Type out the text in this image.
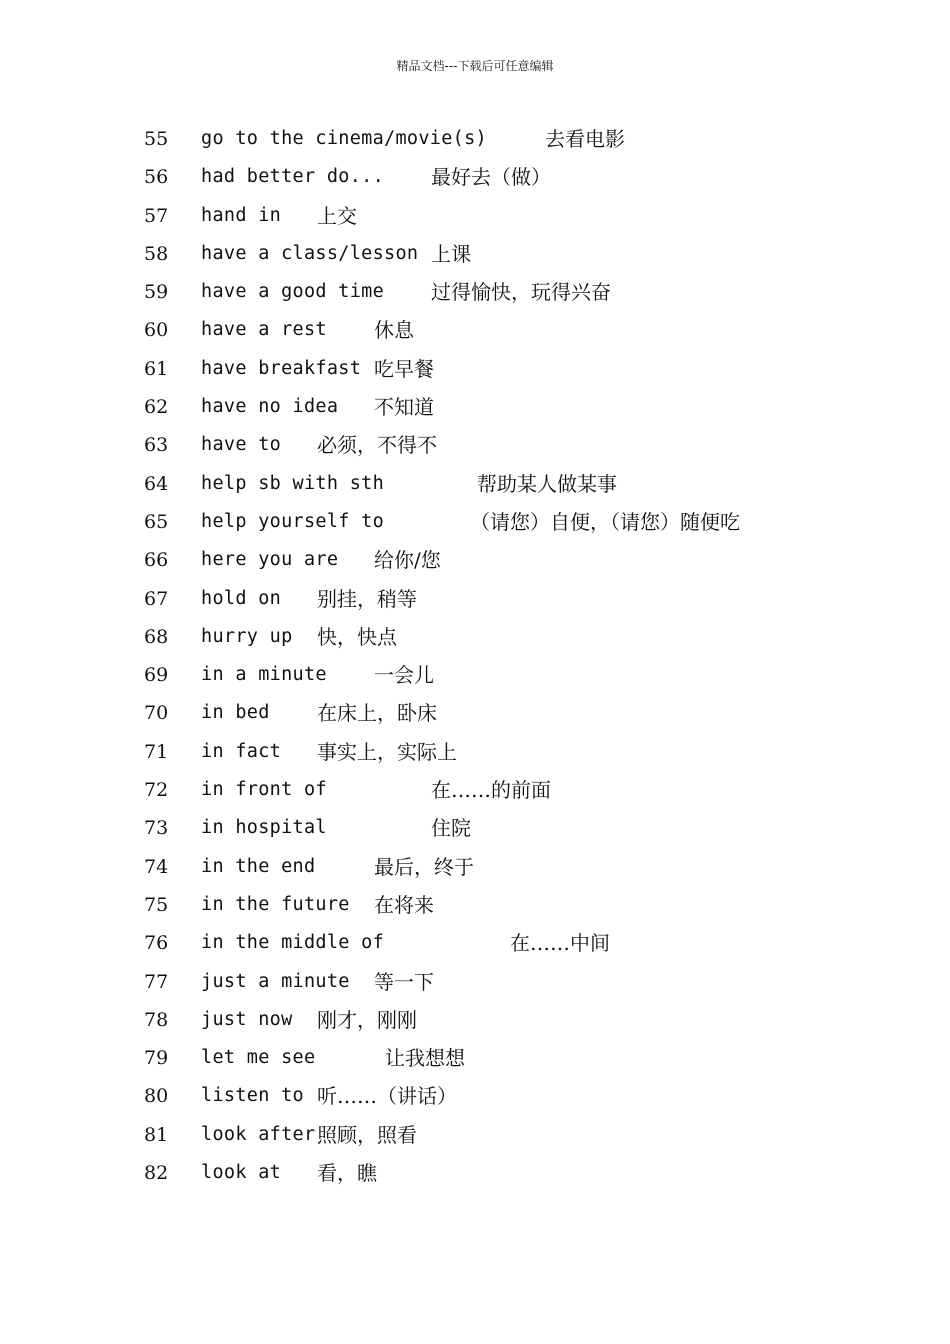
精品文档---下载后可任意编辑
55 go to the cinema/movie(s)	去看电影
56 had better do... 最好去（做）
57 hand in 上交
58 have a class/lesson 上课
59 have a good time 过得愉快，玩得兴奋
60 have a rest 休息
61 have breakfast 吃早餐
62 have no idea 不知道
63 have to 必须，不得不
64 help sb with sth	帮助某人做某事
65 help yourself to	（请您）自便，（请您）随便吃
66 here you are 给你/您
67 hold on 别挂，稍等
68 hurry up 快，快点
69 in a minute 一会儿
70 in bed 在床上，卧床
71 in fact 事实上，实际上
72 in front of	在……的前面
73 in hospital	住院
74 in the end	最后，终于
75 in the future 在将来
76 in the middle of	在……中间
77 just a minute 等一下
78 just now 刚才，刚刚
79 let me see	让我想想
80 listen to 听……（讲话）
81 look after 照顾，照看
82 look at 看，瞧
